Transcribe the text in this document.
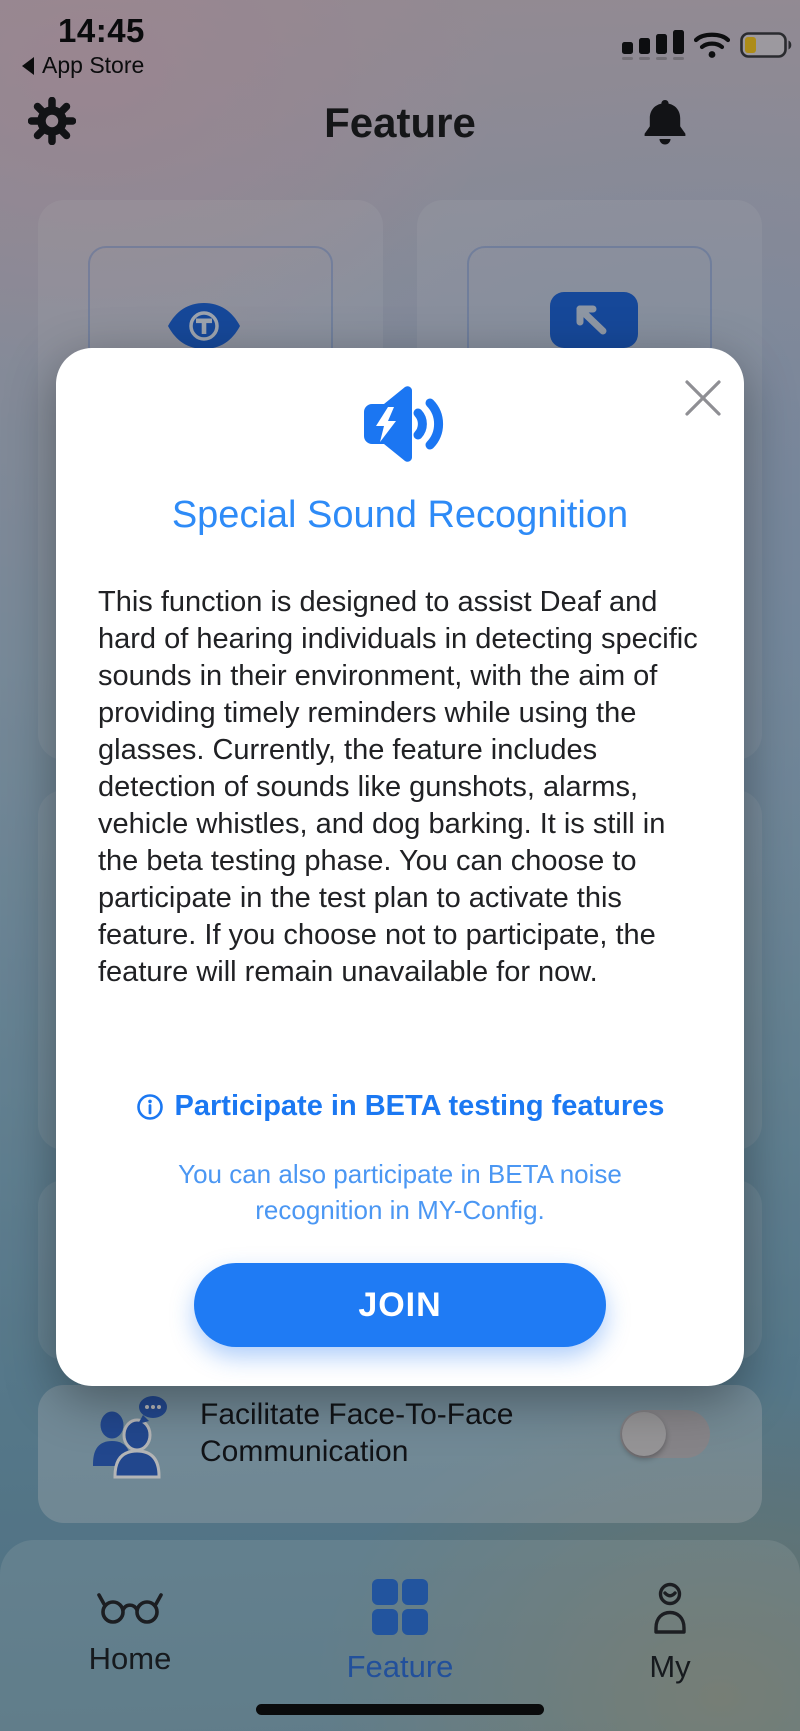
14:45
App Store
Feature
Facilitate Face-To-Face Communication
Home	Feature	My
Special Sound Recognition
This function is designed to assist Deaf and hard of hearing individuals in detecting specific sounds in their environment, with the aim of providing timely reminders while using the glasses. Currently, the feature includes detection of sounds like gunshots, alarms, vehicle whistles, and dog barking. It is still in the beta testing phase. You can choose to participate in the test plan to activate this feature. If you choose not to participate, the feature will remain unavailable for now.
Participate in BETA testing features
You can also participate in BETA noise recognition in MY-Config.
JOIN
